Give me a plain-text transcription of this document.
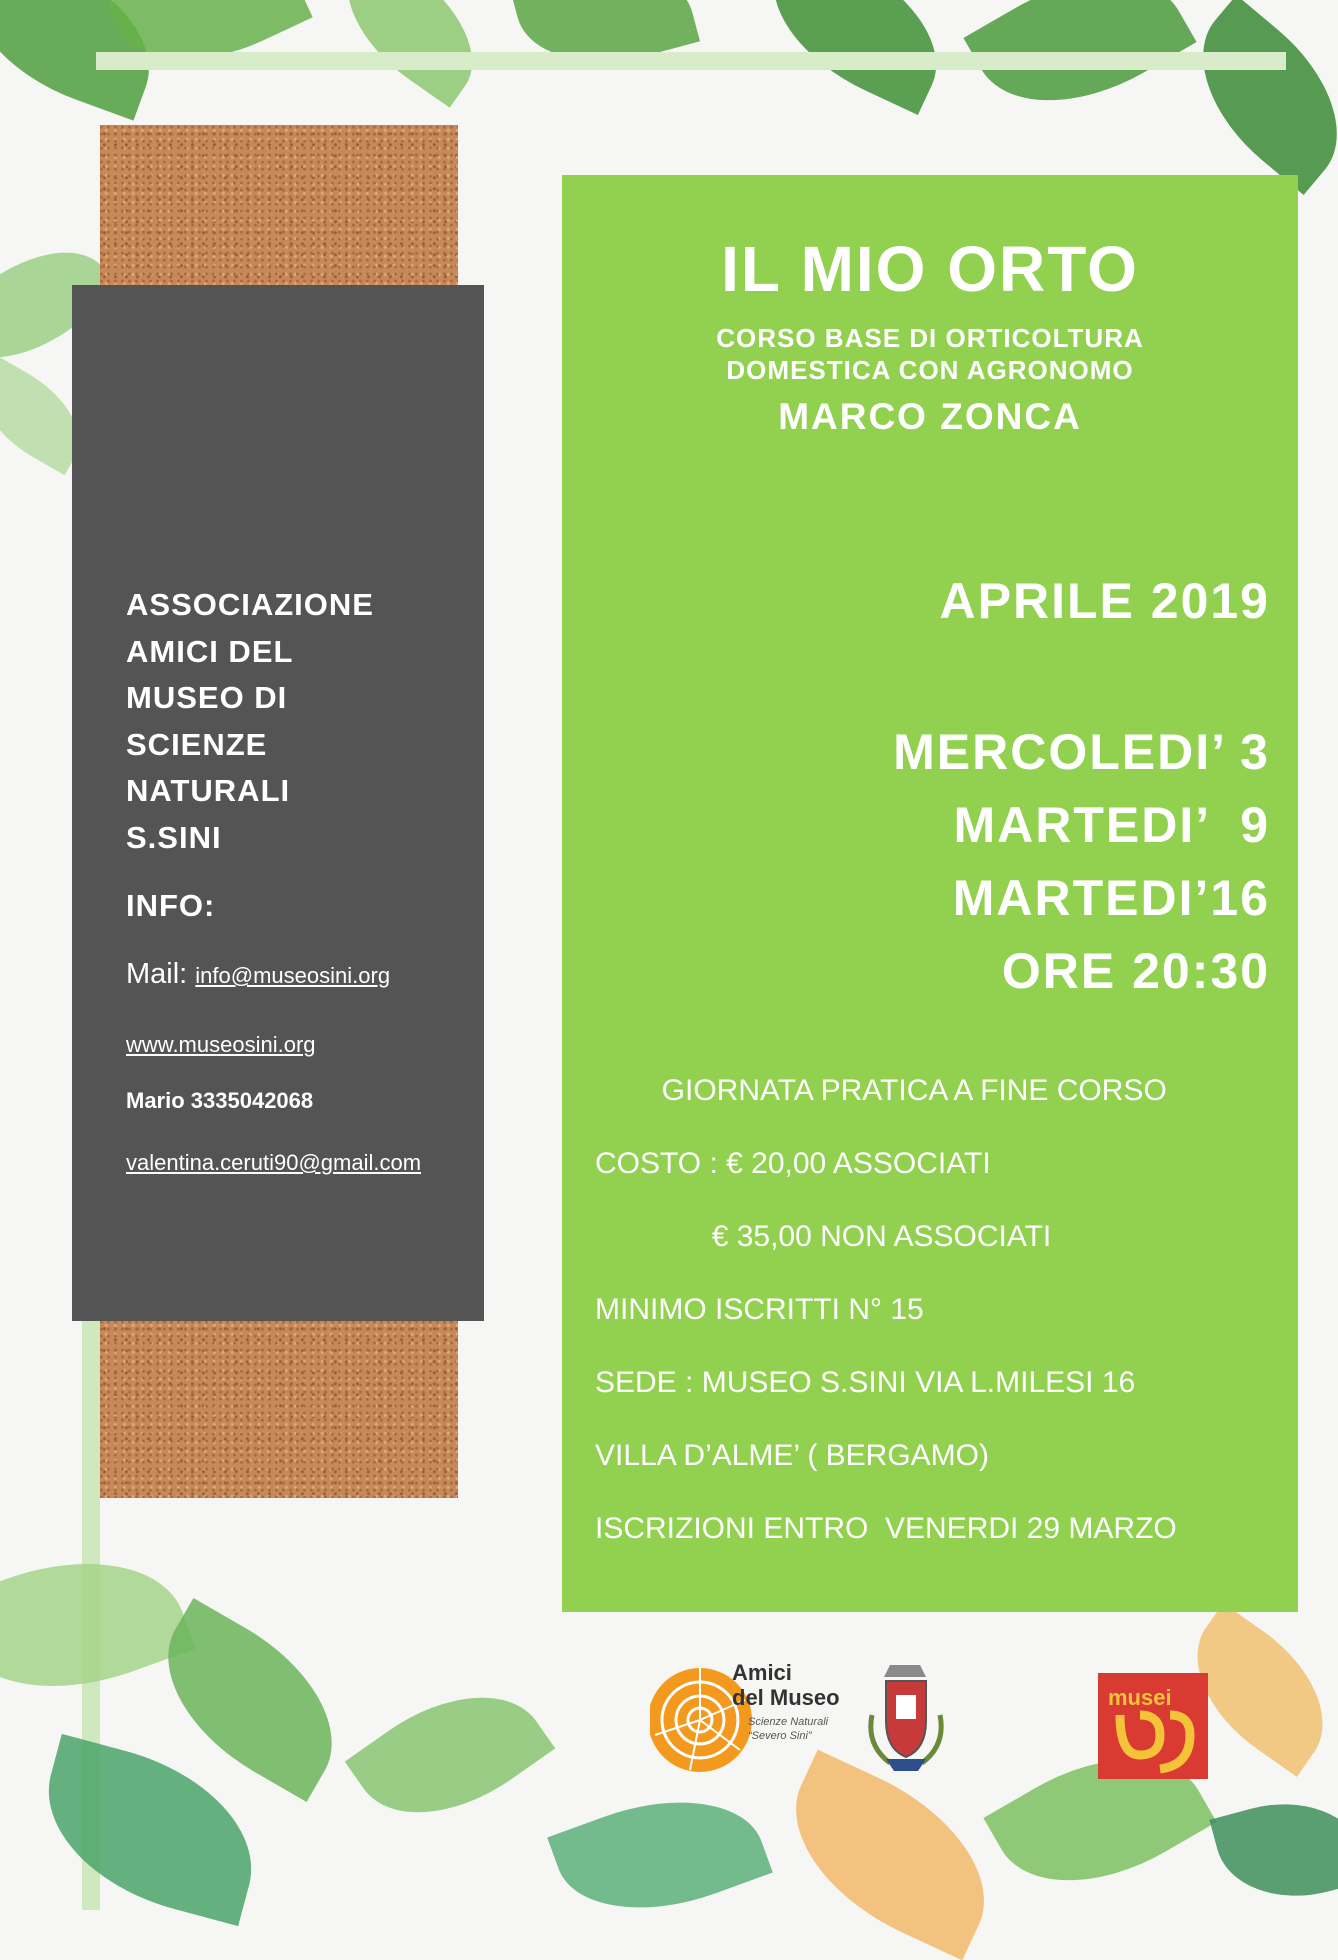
ASSOCIAZIONE
AMICI DEL
MUSEO DI
SCIENZE
NATURALI
S.SINI
INFO:
Mail: info@museosini.org
www.museosini.org
Mario 3335042068
valentina.ceruti90@gmail.com
IL MIO ORTO
CORSO BASE DI ORTICOLTURA
DOMESTICA CON AGRONOMO
MARCO ZONCA
APRILE 2019
MERCOLEDI’ 3
MARTEDI’  9
MARTEDI’16
ORE 20:30
GIORNATA PRATICA A FINE CORSO
COSTO : € 20,00 ASSOCIATI
€ 35,00 NON ASSOCIATI
MINIMO ISCRITTI N° 15
SEDE : MUSEO S.SINI VIA L.MILESI 16
VILLA D’ALME’ ( BERGAMO)
ISCRIZIONI ENTRO  VENERDI 29 MARZO
Amici
del Museo
Scienze Naturali
“Severo Sini”
musei
